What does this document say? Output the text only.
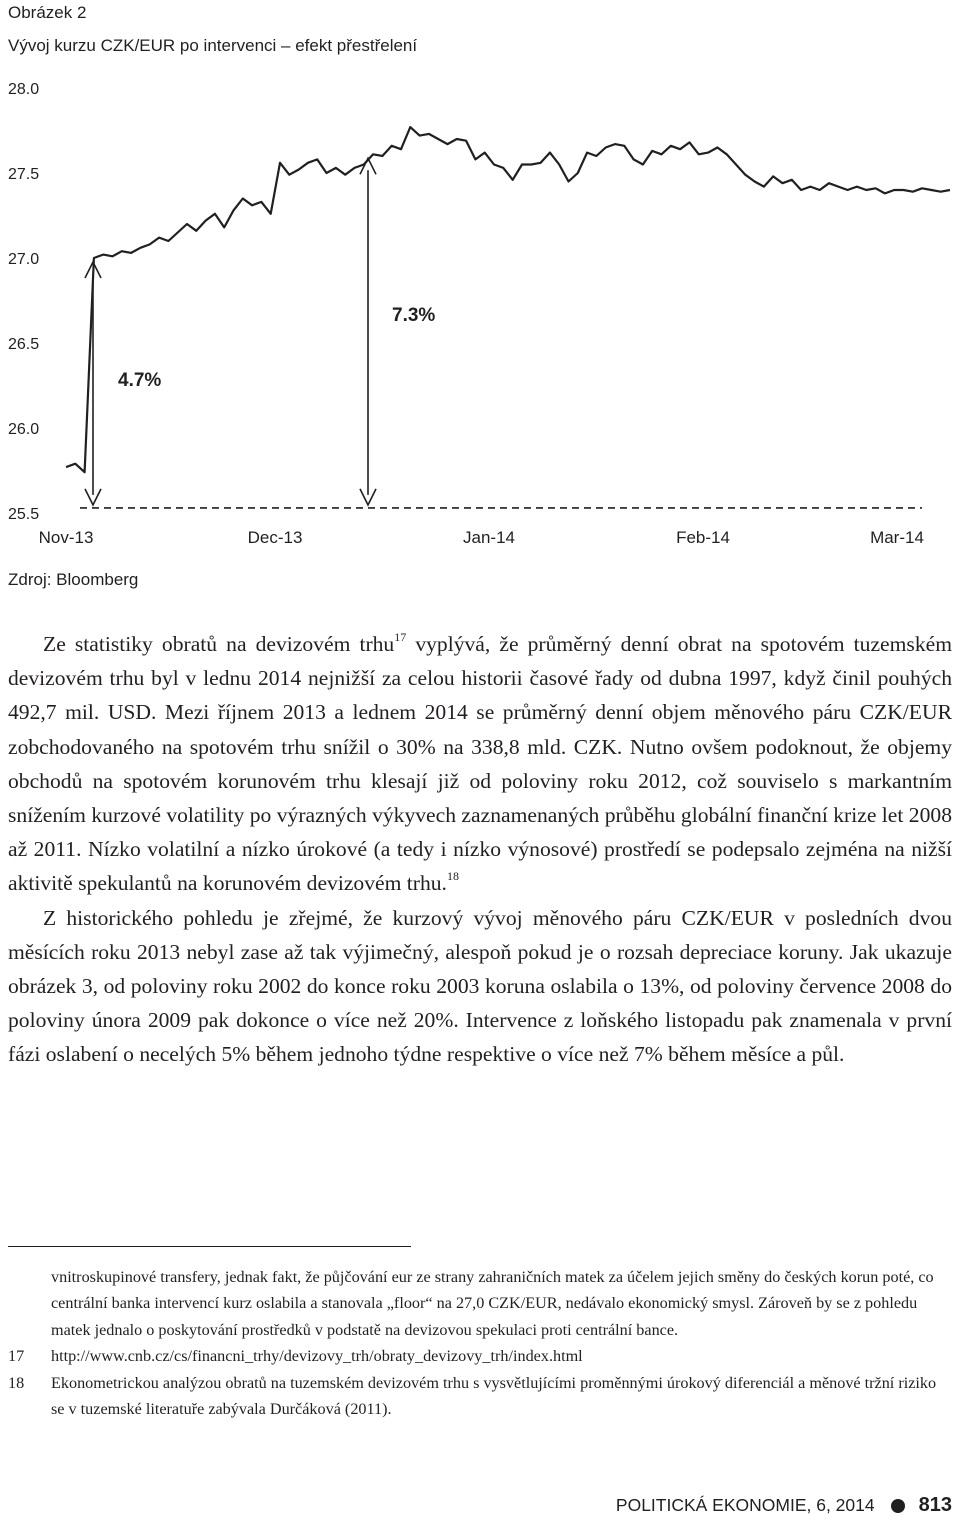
Obrázek 2
Vývoj kurzu CZK/EUR po intervenci – efekt přestřelení
28.0
27.5
27.0
26.5
26.0
25.5
Nov-13	Dec-13	Jan-14	Feb-14	Mar-14
4.7%
7.3%
Zdroj: Bloomberg

Ze statistiky obratů na devizovém trhu$^{17}$ vyplývá, že průměrný denní obrat na spotovém tuzemském devizovém trhu byl v lednu 2014 nejnižší za celou historii časové řady od dubna 1997, když činil pouhých 492,7 mil. USD. Mezi říjnem 2013 a lednem 2014 se průměrný denní objem měnového páru CZK/EUR zobchodovaného na spotovém trhu snížil o 30% na 338,8 mld. CZK. Nutno ovšem podoknout, že objemy obchodů na spotovém korunovém trhu klesají již od poloviny roku 2012, což souviselo s markantním snížením kurzové volatility po výrazných výkyvech zaznamenaných průběhu globální finanční krize let 2008 až 2011. Nízko volatilní a nízko úrokové (a tedy i nízko výnosové) prostředí se podepsalo zejména na nižší aktivitě spekulantů na korunovém devizovém trhu.$^{18}$

Z historického pohledu je zřejmé, že kurzový vývoj měnového páru CZK/EUR v posledních dvou měsících roku 2013 nebyl zase až tak výjimečný, alespoň pokud je o rozsah depreciace koruny. Jak ukazuje obrázek 3, od poloviny roku 2002 do konce roku 2003 koruna oslabila o 13%, od poloviny července 2008 do poloviny února 2009 pak dokonce o více než 20%. Intervence z loňského listopadu pak znamenala v první fázi oslabení o necelých 5% během jednoho týdne respektive o více než 7% během měsíce a půl.

vnitroskupinové transfery, jednak fakt, že půjčování eur ze strany zahraničních matek za účelem jejich směny do českých korun poté, co centrální banka intervencí kurz oslabila a stanovala „floor“ na 27,0 CZK/EUR, nedávalo ekonomický smysl. Zároveň by se z pohledu matek jednalo o poskytování prostředků v podstatě na devizovou spekulaci proti centrální bance.
17	http://www.cnb.cz/cs/financni_trhy/devizovy_trh/obraty_devizovy_trh/index.html
18	Ekonometrickou analýzou obratů na tuzemském devizovém trhu s vysvětlujícími proměnnými úrokový diferenciál a měnové tržní riziko se v tuzemské literatuře zabývala Durčáková (2011).
POLITICKÁ EKONOMIE, 6, 2014 813
